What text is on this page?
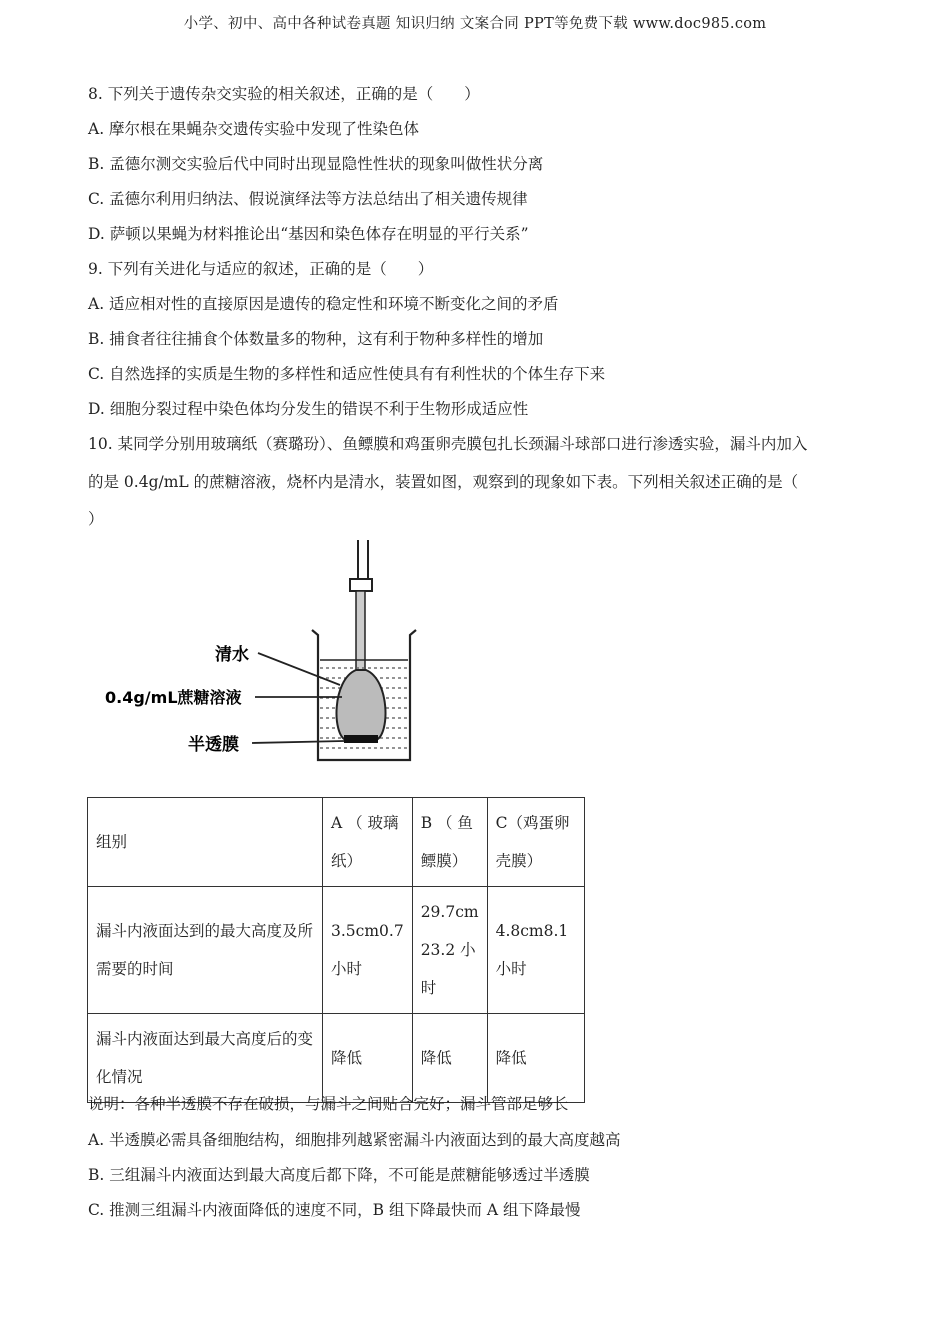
小学、初中、高中各种试卷真题 知识归纳 文案合同 PPT等免费下载 www.doc985.com
8. 下列关于遗传杂交实验的相关叙述，正确的是（　　）
A. 摩尔根在果蝇杂交遗传实验中发现了性染色体
B. 孟德尔测交实验后代中同时出现显隐性性状的现象叫做性状分离
C. 孟德尔利用归纳法、假说演绎法等方法总结出了相关遗传规律
D. 萨顿以果蝇为材料推论出“基因和染色体存在明显的平行关系”
9. 下列有关进化与适应的叙述，正确的是（　　）
A. 适应相对性的直接原因是遗传的稳定性和环境不断变化之间的矛盾
B. 捕食者往往捕食个体数量多的物种，这有利于物种多样性的增加
C. 自然选择的实质是生物的多样性和适应性使具有有利性状的个体生存下来
D. 细胞分裂过程中染色体均分发生的错误不利于生物形成适应性
10. 某同学分别用玻璃纸（赛璐玢）、鱼鳔膜和鸡蛋卵壳膜包扎长颈漏斗球部口进行渗透实验，漏斗内加入
的是 0.4g/mL 的蔗糖溶液，烧杯内是清水，装置如图，观察到的现象如下表。下列相关叙述正确的是（
）
清水
0.4g/mL蔗糖溶液
半透膜
组别	A （ 玻璃纸）	B （ 鱼鳔膜）	C（鸡蛋卵壳膜）
漏斗内液面达到的最大高度及所需要的时间	3.5cm0.7 小时	29.7cm 23.2 小时	4.8cm8.1 小时
漏斗内液面达到最大高度后的变化情况	降低	降低	降低
说明：各种半透膜不存在破损，与漏斗之间贴合完好；漏斗管部足够长
A. 半透膜必需具备细胞结构，细胞排列越紧密漏斗内液面达到的最大高度越高
B. 三组漏斗内液面达到最大高度后都下降，不可能是蔗糖能够透过半透膜
C. 推测三组漏斗内液面降低的速度不同，B 组下降最快而 A 组下降最慢
